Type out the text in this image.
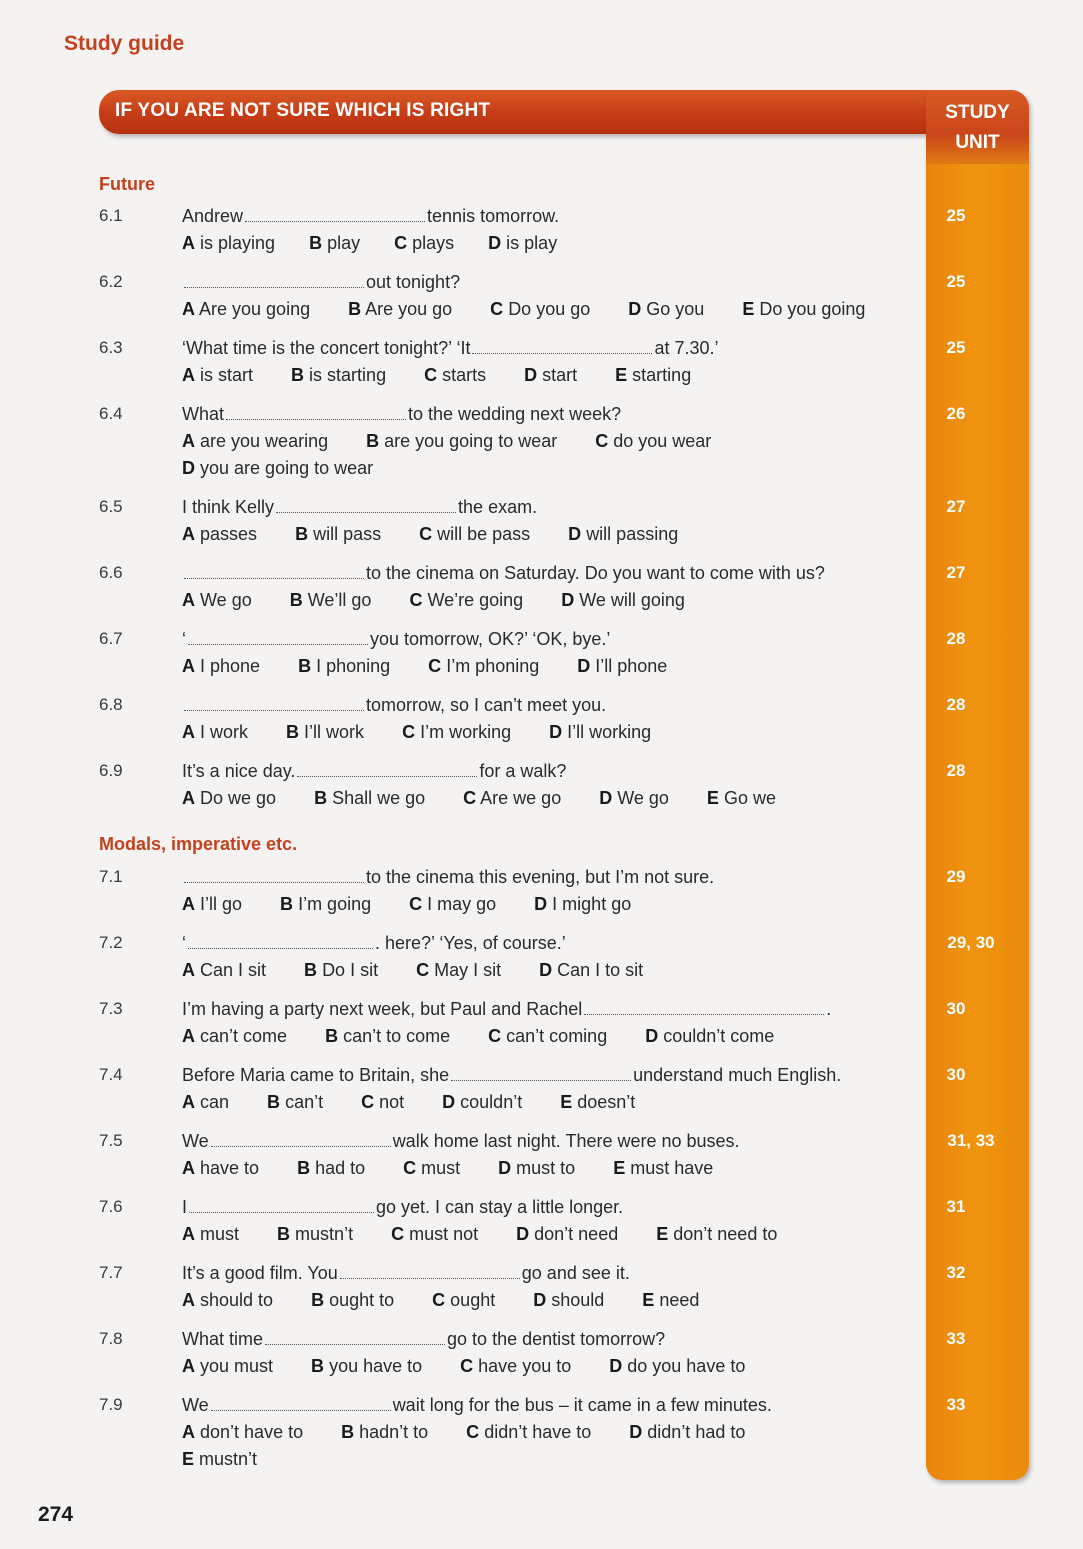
Study guide
IF YOU ARE NOT SURE WHICH IS RIGHT	STUDY
UNIT
Future
Modals, imperative etc.
6.1	Andrew	tennis tomorrow.
A is playing B play C plays D is play
25
6.2	out tonight?
A Are you going B Are you go C Do you go D Go you E Do you going
25
6.3	‘What time is the concert tonight?’ ‘It	at 7.30.’
A is start B is starting C starts D start E starting
25
6.4	What	to the wedding next week?
A are you wearing B are you going to wear C do you wear
D you are going to wear
26
6.5	I think Kelly	the exam.
A passes B will pass C will be pass D will passing
27
6.6	to the cinema on Saturday. Do you want to come with us?
A We go B We’ll go C We’re going D We will going
27
6.7	‘	you tomorrow, OK?’ ‘OK, bye.’
A I phone B I phoning C I’m phoning D I’ll phone
28
6.8	tomorrow, so I can’t meet you.
A I work B I’ll work C I’m working D I’ll working
28
6.9	It’s a nice day.	for a walk?
A Do we go B Shall we go C Are we go D We go E Go we
28
7.1	to the cinema this evening, but I’m not sure.
A I’ll go B I’m going C I may go D I might go
29
7.2	‘	. here?’ ‘Yes, of course.’
A Can I sit B Do I sit C May I sit D Can I to sit
29, 30
7.3	I’m having a party next week, but Paul and Rachel	.
A can’t come B can’t to come C can’t coming D couldn’t come
30
7.4	Before Maria came to Britain, she	understand much English.
A can B can’t C not D couldn’t E doesn’t
30
7.5	We	walk home last night. There were no buses.
A have to B had to C must D must to E must have
31, 33
7.6	I	go yet. I can stay a little longer.
A must B mustn’t C must not D don’t need E don’t need to
31
7.7	It’s a good film. You	go and see it.
A should to B ought to C ought D should E need
32
7.8	What time	go to the dentist tomorrow?
A you must B you have to C have you to D do you have to
33
7.9	We	wait long for the bus – it came in a few minutes.
A don’t have to B hadn’t to C didn’t have to D didn’t had to
E mustn’t
33
274
